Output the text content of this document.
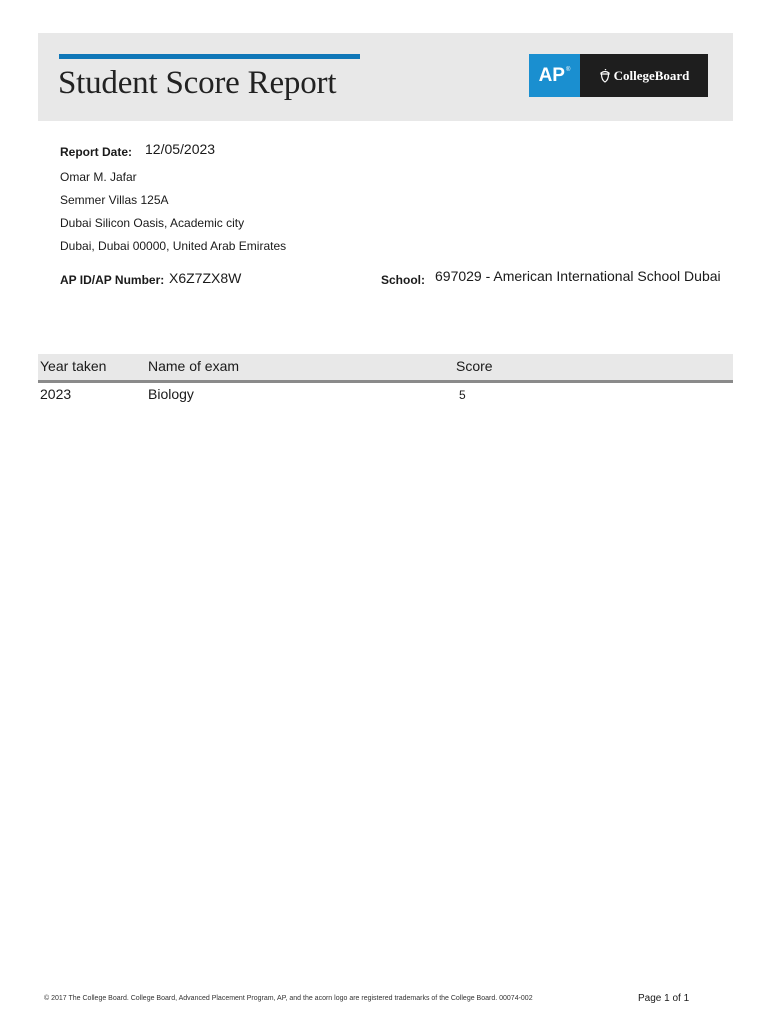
Student Score Report	AP®	CollegeBoard
Report Date: 12/05/2023
Omar M. Jafar
Semmer Villas 125A
Dubai Silicon Oasis, Academic city
Dubai, Dubai 00000, United Arab Emirates
AP ID/AP Number: X6Z7ZX8W	School: 697029 - American International School Dubai
Year taken	Name of exam	Score
2023	Biology	5
© 2017 The College Board. College Board, Advanced Placement Program, AP, and the acorn logo are registered trademarks of the College Board. 00074-002	Page 1 of 1
